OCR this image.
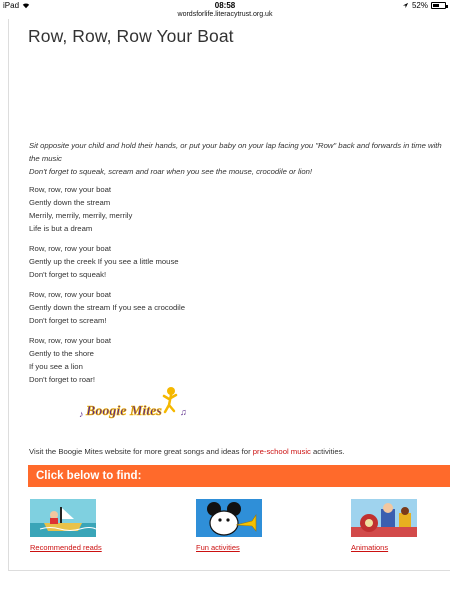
iPad	08:58	52%
wordsforlife.literacytrust.org.uk
Row, Row, Row Your Boat
Sit opposite your child and hold their hands, or put your baby on your lap facing you "Row" back and forwards in time with the music
Don't forget to squeak, scream and roar when you see the mouse, crocodile or lion!
Row, row, row your boat
Gently down the stream
Merrily, merrily, merrily, merrily
Life is but a dream
Row, row, row your boat
Gently up the creek If you see a little mouse
Don't forget to squeak!
Row, row, row your boat
Gently down the stream If you see a crocodile
Don't forget to scream!
Row, row, row your boat
Gently to the shore
If you see a lion
Don't forget to roar!
♪ Boogie Mites ♫
Visit the Boogie Mites website for more great songs and ideas for pre-school music activities.
Click below to find:
Recommended reads	Fun activities	Animations
